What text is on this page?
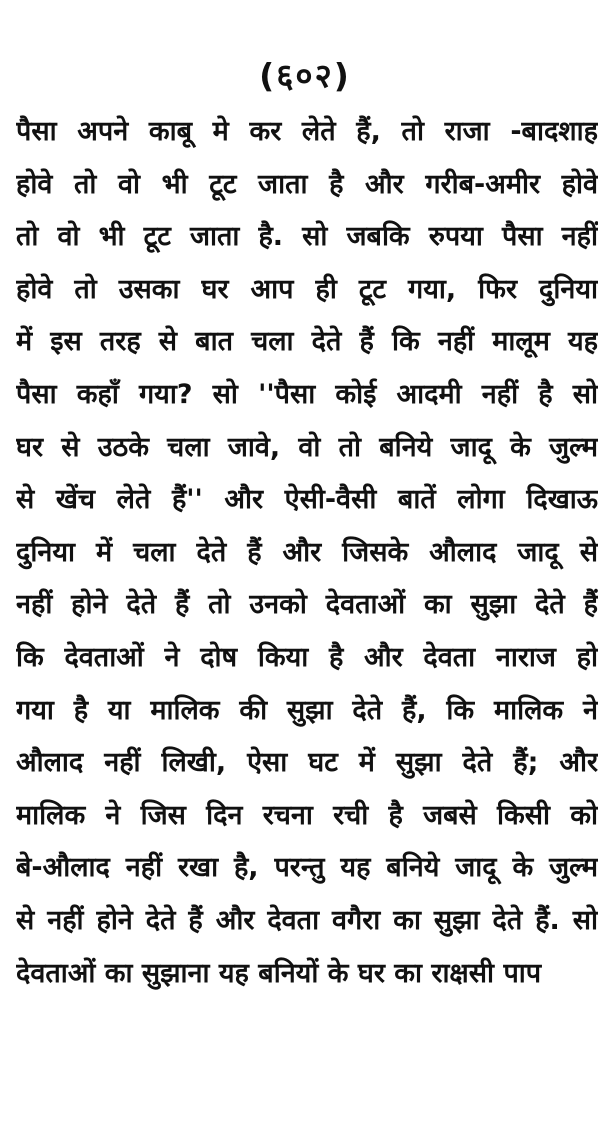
(६०२)
पैसा अपने काबू मे कर लेते हैं, तो राजा -बादशाह
होवे तो वो भी टूट जाता है और गरीब-अमीर होवे
तो वो भी टूट जाता है. सो जबकि रुपया पैसा नहीं
होवे तो उसका घर आप ही टूट गया, फिर दुनिया
में इस तरह से बात चला देते हैं कि नहीं मालूम यह
पैसा कहाँ गया? सो ''पैसा कोई आदमी नहीं है सो
घर से उठके चला जावे, वो तो बनिये जादू के जुल्म
से खेंच लेते हैं'' और ऐसी-वैसी बातें लोगा दिखाऊ
दुनिया में चला देते हैं और जिसके औलाद जादू से
नहीं होने देते हैं तो उनको देवताओं का सुझा देते हैं
कि देवताओं ने दोष किया है और देवता नाराज हो
गया है या मालिक की सुझा देते हैं, कि मालिक ने
औलाद नहीं लिखी, ऐसा घट में सुझा देते हैं; और
मालिक ने जिस दिन रचना रची है जबसे किसी को
बे-औलाद नहीं रखा है, परन्तु यह बनिये जादू के जुल्म
से नहीं होने देते हैं और देवता वगैरा का सुझा देते हैं. सो
देवताओं का सुझाना यह बनियों के घर का राक्षसी पाप
